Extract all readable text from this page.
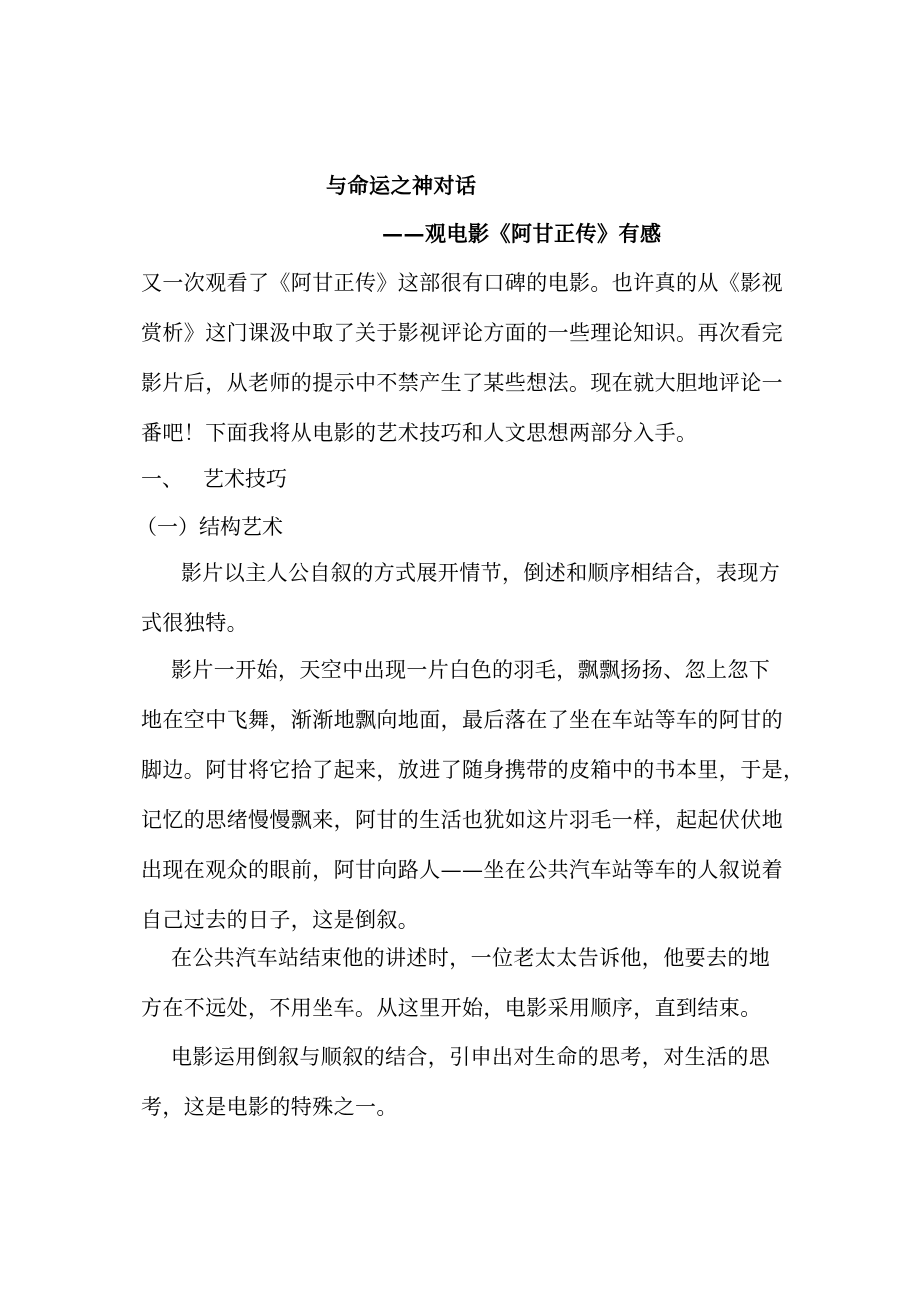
与命运之神对话
——观电影《阿甘正传》有感
又一次观看了《阿甘正传》这部很有口碑的电影。也许真的从《影视
赏析》这门课汲中取了关于影视评论方面的一些理论知识。再次看完
影片后，从老师的提示中不禁产生了某些想法。现在就大胆地评论一
番吧！下面我将从电影的艺术技巧和人文思想两部分入手。
一、 艺术技巧
（一）结构艺术
影片以主人公自叙的方式展开情节，倒述和顺序相结合，表现方
式很独特。
影片一开始，天空中出现一片白色的羽毛，飘飘扬扬、忽上忽下
地在空中飞舞，渐渐地飘向地面，最后落在了坐在车站等车的阿甘的
脚边。阿甘将它拾了起来，放进了随身携带的皮箱中的书本里，于是，
记忆的思绪慢慢飘来，阿甘的生活也犹如这片羽毛一样，起起伏伏地
出现在观众的眼前，阿甘向路人——坐在公共汽车站等车的人叙说着
自己过去的日子，这是倒叙。
在公共汽车站结束他的讲述时，一位老太太告诉他，他要去的地
方在不远处，不用坐车。从这里开始，电影采用顺序，直到结束。
电影运用倒叙与顺叙的结合，引申出对生命的思考，对生活的思
考，这是电影的特殊之一。
